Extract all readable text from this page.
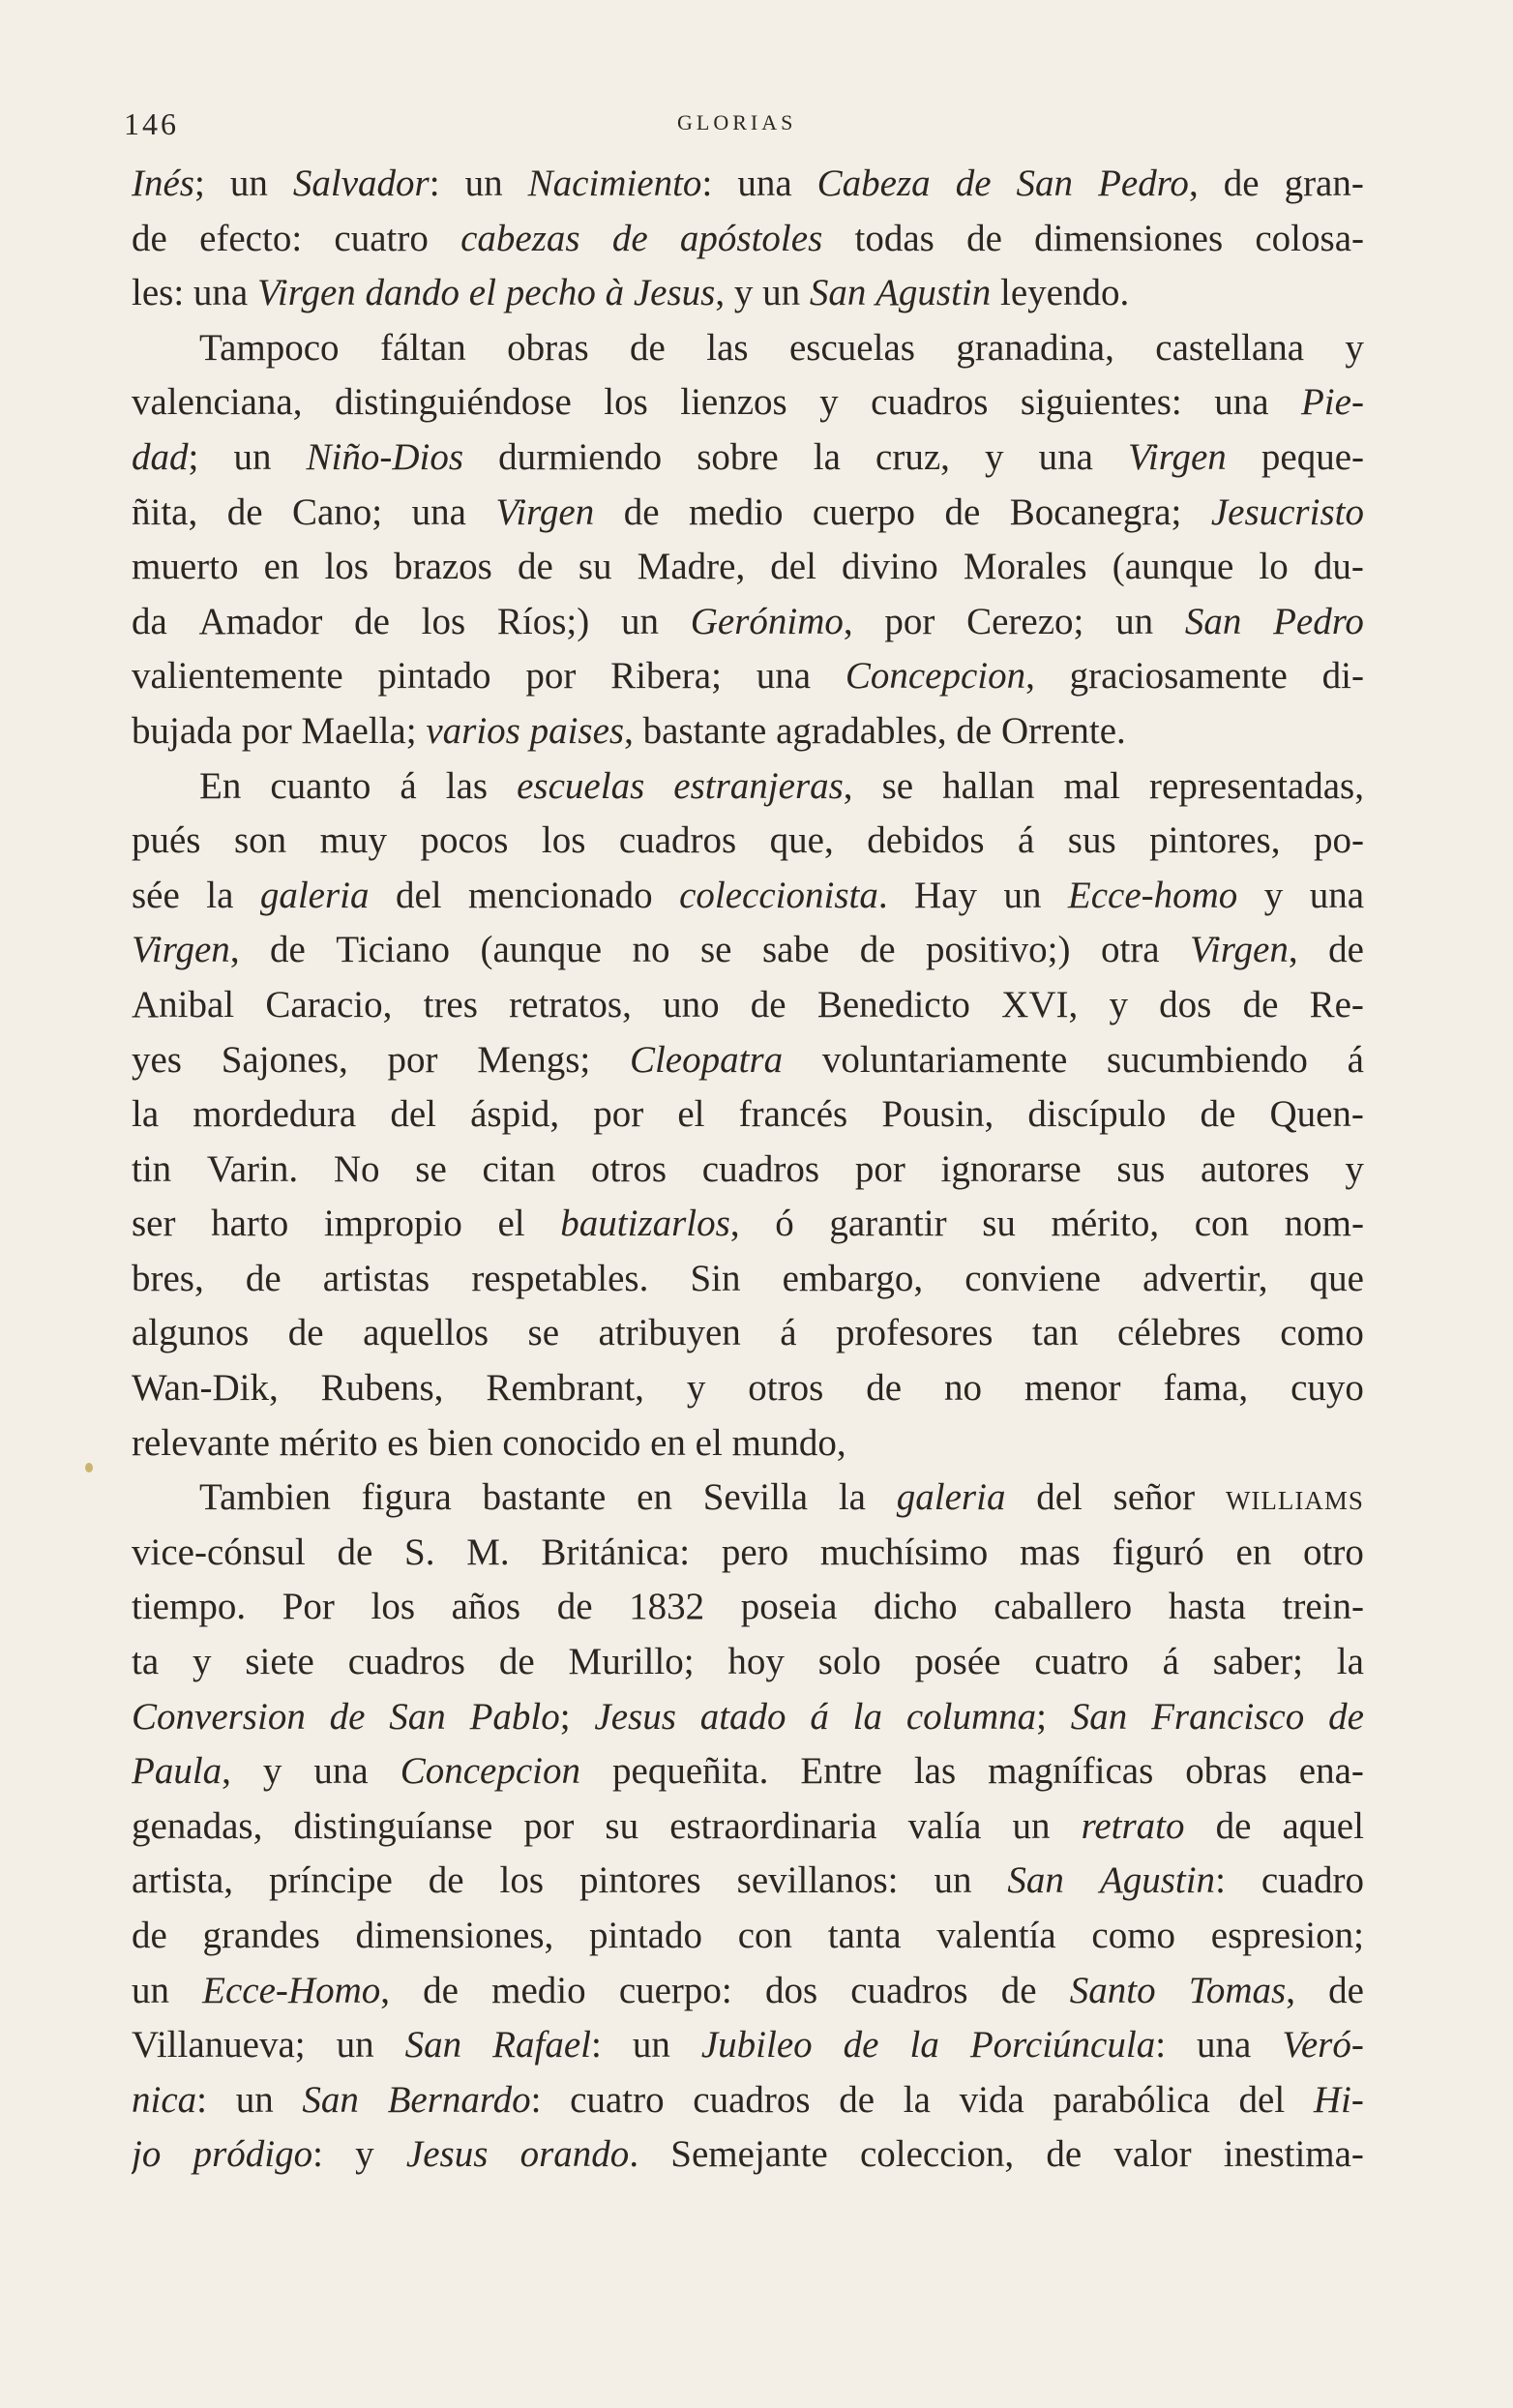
146	GLORIAS
Inés; un Salvador: un Nacimiento: una Cabeza de San Pedro, de gran-
de efecto: cuatro cabezas de apóstoles todas de dimensiones colosa-
les:
una
Virgen
dando
el
pecho
à
Jesus,
y
un
San
Agustin
leyendo.
Tampoco fáltan obras de las escuelas granadina, castellana y
valenciana, distinguiéndose los lienzos y cuadros siguientes: una Pie-
dad; un Niño-Dios durmiendo sobre la cruz, y una Virgen peque-
ñita, de Cano; una Virgen de medio cuerpo de Bocanegra; Jesucristo
muerto en los brazos de su Madre, del divino Morales (aunque lo du-
da Amador de los Ríos;) un Gerónimo, por Cerezo; un San Pedro
valientemente pintado por Ribera; una Concepcion, graciosamente di-
bujada
por
Maella;
varios
paises,
bastante
agradables,
de
Orrente.
En cuanto á las escuelas estranjeras, se hallan mal representadas,
pués son muy pocos los cuadros que, debidos á sus pintores, po-
sée la galeria del mencionado coleccionista. Hay un Ecce-homo y una
Virgen, de Ticiano (aunque no se sabe de positivo;) otra Virgen, de
Anibal Caracio, tres retratos, uno de Benedicto XVI, y dos de Re-
yes Sajones, por Mengs; Cleopatra voluntariamente sucumbiendo á
la mordedura del áspid, por el francés Pousin, discípulo de Quen-
tin Varin. No se citan otros cuadros por ignorarse sus autores y
ser harto impropio el bautizarlos, ó garantir su mérito, con nom-
bres, de artistas respetables. Sin embargo, conviene advertir, que
algunos de aquellos se atribuyen á profesores tan célebres como
Wan-Dik, Rubens, Rembrant, y otros de no menor fama, cuyo
relevante
mérito
es
bien
conocido
en
el
mundo,
Tambien figura bastante en Sevilla la galeria del señor williams
vice-cónsul de S. M. Británica: pero muchísimo mas figuró en otro
tiempo. Por los años de 1832 poseia dicho caballero hasta trein-
ta y siete cuadros de Murillo; hoy solo posée cuatro á saber; la
Conversion de San Pablo; Jesus atado á la columna; San Francisco de
Paula, y una Concepcion pequeñita. Entre las magníficas obras ena-
genadas, distinguíanse por su estraordinaria valía un retrato de aquel
artista, príncipe de los pintores sevillanos: un San Agustin: cuadro
de grandes dimensiones, pintado con tanta valentía como espresion;
un Ecce-Homo, de medio cuerpo: dos cuadros de Santo Tomas, de
Villanueva; un San Rafael: un Jubileo de la Porciúncula: una Veró-
nica: un San Bernardo: cuatro cuadros de la vida parabólica del Hi-
jo pródigo: y Jesus orando. Semejante coleccion, de valor inestima-
